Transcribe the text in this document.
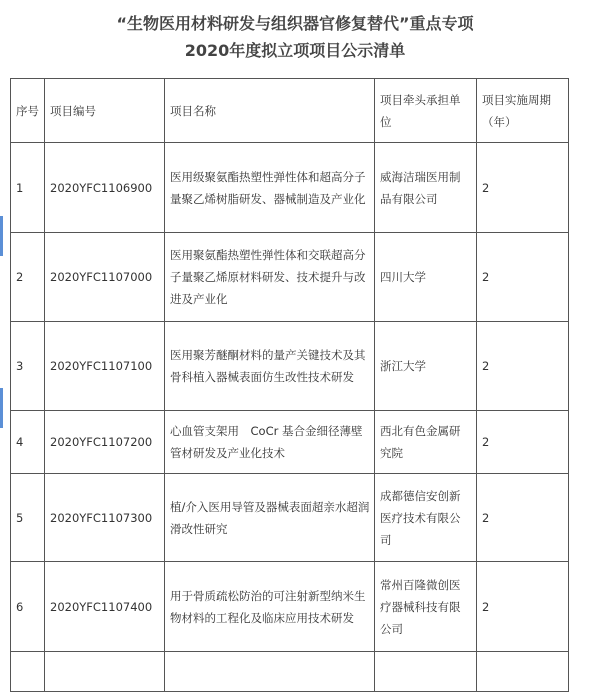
“生物医用材料研发与组织器官修复替代”重点专项
2020年度拟立项项目公示清单
序号	项目编号	项目名称	项目牵头承担单位	项目实施周期（年）
1	2020YFC1106900	医用级聚氨酯热塑性弹性体和超高分子量聚乙烯树脂研发、器械制造及产业化	威海洁瑞医用制品有限公司	2
2	2020YFC1107000	医用聚氨酯热塑性弹性体和交联超高分子量聚乙烯原材料研发、技术提升与改进及产业化	四川大学	2
3	2020YFC1107100	医用聚芳醚酮材料的量产关键技术及其骨科植入器械表面仿生改性技术研发	浙江大学	2
4	2020YFC1107200	心血管支架用　CoCr 基合金细径薄壁管材研发及产业化技术	西北有色金属研究院	2
5	2020YFC1107300	植/介入医用导管及器械表面超亲水超润滑改性研究	成都德信安创新医疗技术有限公司	2
6	2020YFC1107400	用于骨质疏松防治的可注射新型纳米生物材料的工程化及临床应用技术研发	常州百隆微创医疗器械科技有限公司	2
